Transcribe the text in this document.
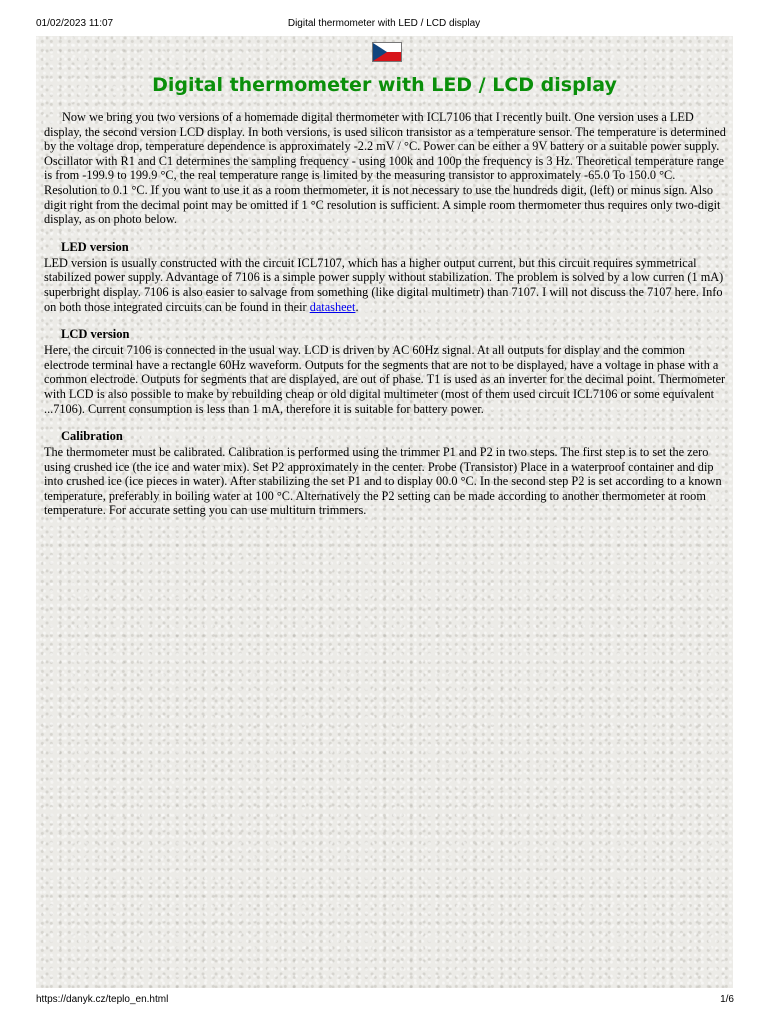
01/02/2023 11:07	Digital thermometer with LED / LCD display
Digital thermometer with LED / LCD display

Now we bring you two versions of a homemade digital thermometer with ICL7106 that I recently built. One version uses a LED display, the second version LCD display. In both versions, is used silicon transistor as a temperature sensor. The temperature is determined by the voltage drop, temperature dependence is approximately -2.2 mV / °C. Power can be either a 9V battery or a suitable power supply. Oscillator with R1 and C1 determines the sampling frequency - using 100k and 100p the frequency is 3 Hz. Theoretical temperature range is from -199.9 to 199.9 °C, the real temperature range is limited by the measuring transistor to approximately -65.0 To 150.0 °C. Resolution to 0.1 °C. If you want to use it as a room thermometer, it is not necessary to use the hundreds digit, (left) or minus sign. Also digit right from the decimal point may be omitted if 1 °C resolution is sufficient. A simple room thermometer thus requires only two-digit display, as on photo below.

LED version

LED version is usually constructed with the circuit ICL7107, which has a higher output current, but this circuit requires symmetrical stabilized power supply. Advantage of 7106 is a simple power supply without stabilization. The problem is solved by a low curren (1 mA) superbright display. 7106 is also easier to salvage from something (like digital multimetr) than 7107. I will not discuss the 7107 here. Info on both those integrated circuits can be found in their datasheet.

LCD version

Here, the circuit 7106 is connected in the usual way. LCD is driven by AC 60Hz signal. At all outputs for display and the common electrode terminal have a rectangle 60Hz waveform. Outputs for the segments that are not to be displayed, have a voltage in phase with a common electrode. Outputs for segments that are displayed, are out of phase. T1 is used as an inverter for the decimal point. Thermometer with LCD is also possible to make by rebuilding cheap or old digital multimeter (most of them used circuit ICL7106 or some equivalent ...7106). Current consumption is less than 1 mA, therefore it is suitable for battery power.

Calibration

The thermometer must be calibrated. Calibration is performed using the trimmer P1 and P2 in two steps. The first step is to set the zero using crushed ice (the ice and water mix). Set P2 approximately in the center. Probe (Transistor) Place in a waterproof container and dip into crushed ice (ice pieces in water). After stabilizing the set P1 and to display 00.0 °C. In the second step P2 is set according to a known temperature, preferably in boiling water at 100 °C. Alternatively the P2 setting can be made according to another thermometer at room temperature. For accurate setting you can use multiturn trimmers.

https://danyk.cz/teplo_en.html	1/6
